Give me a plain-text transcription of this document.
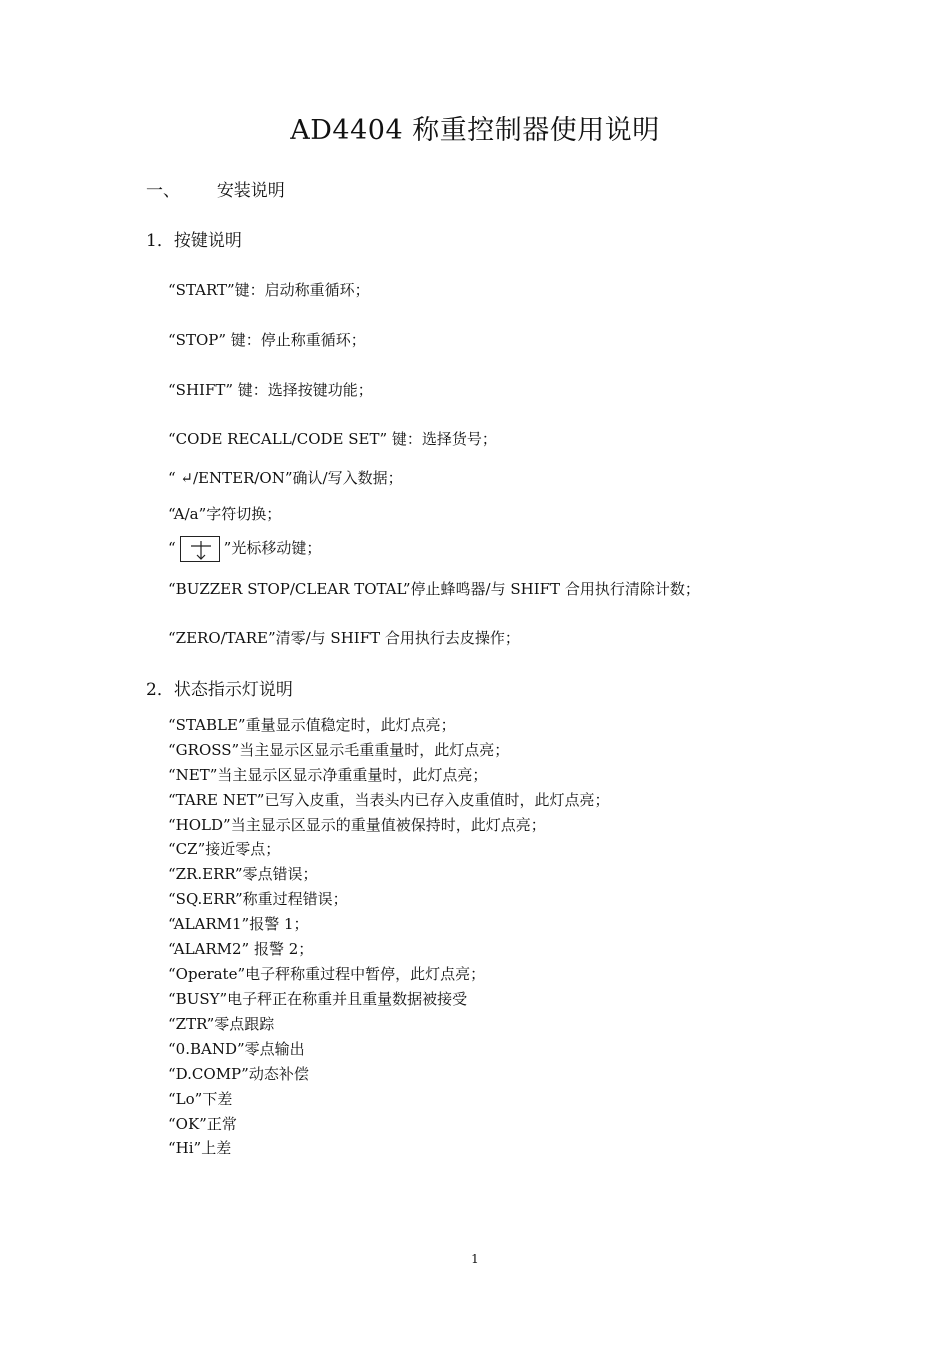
AD4404 称重控制器使用说明
一、 安装说明
1．按键说明
“START”键：启动称重循环；
“STOP” 键：停止称重循环；
“SHIFT” 键：选择按键功能；
“CODE RECALL/CODE SET” 键：选择货号；
“ ↵/ENTER/ON”确认/写入数据；
“A/a”字符切换；
“	”光标移动键；
“BUZZER STOP/CLEAR TOTAL”停止蜂鸣器/与 SHIFT 合用执行清除计数；
“ZERO/TARE”清零/与 SHIFT 合用执行去皮操作；
2．状态指示灯说明
“STABLE”重量显示值稳定时，此灯点亮；
“GROSS”当主显示区显示毛重重量时，此灯点亮；
“NET”当主显示区显示净重重量时，此灯点亮；
“TARE NET”已写入皮重，当表头内已存入皮重值时，此灯点亮；
“HOLD”当主显示区显示的重量值被保持时，此灯点亮；
“CZ”接近零点；
“ZR.ERR”零点错误；
“SQ.ERR”称重过程错误；
“ALARM1”报警 1；
“ALARM2” 报警 2；
“Operate”电子秤称重过程中暂停，此灯点亮；
“BUSY”电子秤正在称重并且重量数据被接受
“ZTR”零点跟踪
“0.BAND”零点输出
“D.COMP”动态补偿
“Lo”下差
“OK”正常
“Hi”上差
1
